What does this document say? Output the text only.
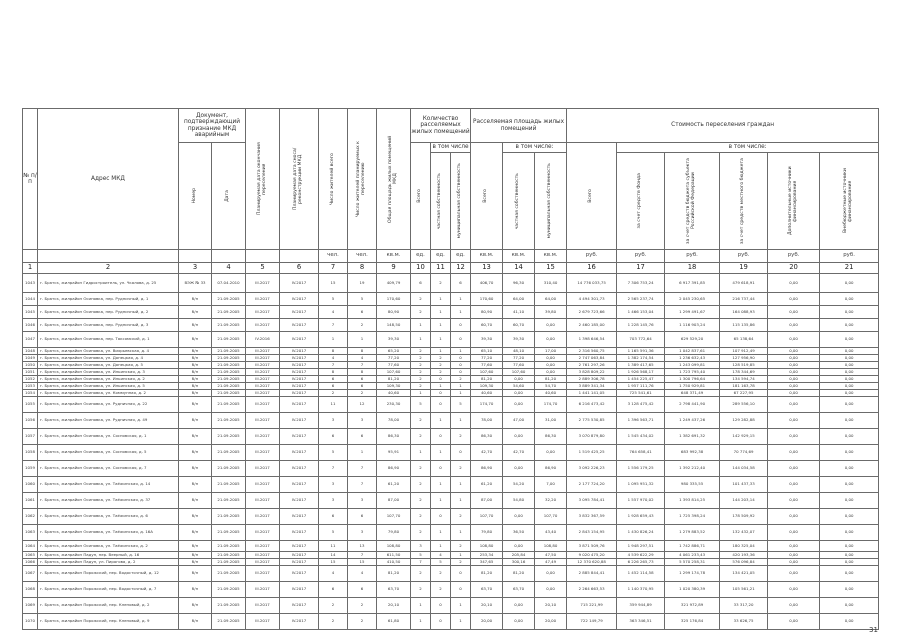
№ п/п	Адрес МКД	Документ, подтверждающий признание МКД аварийным		Планируемая дата окончания переселения	Планируемая дата сноса/реконструкции МКД	Число жителей всего	Число жителей планируемых к переселению	Общая площадь жилых помещений МКД	Количество расселяемых жилых помещений			Расселяемая площадь жилых помещений			Стоимость переселения граждан					

		Номер	Дата						Всего	в том числе		Всего	в том числе:		Всего	в том числе:				

										частная собственность	муниципальная собственность		частная собственность	муниципальная собственность		за счет средств Фонда	за счет средств бюджета субъекта Российской Федерации	за счет средств местного бюджета	Дополнительные источники финансирования	Внебюджетные источники финансирования

						чел.	чел.	кв.м.	ед.	ед.	ед.	кв.м.	кв.м.	кв.м.	руб.	руб.	руб.	руб.	руб.	руб.
1	2	3	4	5	6	7	8	9	10	11	12	13	14	15	16	17	18	19	20	21
1043	г. Братск, жилрайон Гидростроитель, ул. Чкалова, д. 25	ВЭЖ № 33	07.04.2010	III.2017	IV.2017	15	19	409,79	6	2	6	406,70	96,30	310,40	14 776 033,75	7 306 753,24	6 917 391,85	479 618,91	0,00	0,00
1044	г. Братск, жилрайон Осиновка, пер. Рудничный, д. 1	б/н	21.09.2005	III.2017	IV.2017	5	5	170,60	2	1	1	170,60	64,00	64,00	4 494 301,73	2 565 237,74	2 045 230,65	216 737,44	0,00	0,00
1045	г. Братск, жилрайон Осиновка, пер. Рудничный, д. 2	б/н	21.09.2005	III.2017	IV.2017	4	6	80,90	2	1	1	80,90	41,10	39,80	2 679 723,66	1 466 153,04	1 299 491,67	164 088,93	0,00	0,00
1046	г. Братск, жилрайон Осиновка, пер. Рудничный, д. 3	б/н	21.09.2005	III.2017	IV.2017	7	2	148,50	1	1	0	60,70	60,70	0,00	2 460 185,00	1 228 145,76	1 116 903,24	115 135,86	0,00	0,00
1047	г. Братск, жилрайон Осиновка, пер. Таксомский, д. 1	б/н	21.09.2005	IV.2016	IV.2017	1	1	39,30	1	1	0	39,30	39,30	0,00	1 398 646,54	703 772,64	629 529,20	65 138,64	0,00	0,00
1048	г. Братск, жилрайон Осиновка, ул. Вихрьевская, д. 4	б/н	21.09.2005	III.2017	IV.2017	8	8	65,20	2	1	1	65,10	48,10	17,00	2 316 560,75	1 165 591,36	1 042 837,61	107 912,49	0,00	0,00
1049	г. Братск, жилрайон Осиновка, ул. Донецкая, д. 4	б/н	21.09.2005	III.2017	IV.2017	4	4	77,20	2	2	0	77,20	77,20	0,00	2 747 063,84	1 382 174,54	1 236 632,43	127 956,90	0,00	0,00
1050	г. Братск, жилрайон Осиновка, ул. Донецкая, д. 5	б/н	21.09.2005	III.2017	IV.2017	7	7	77,60	2	2	0	77,60	77,60	0,00	2 761 297,26	1 389 417,65	1 243 099,81	128 519,85	0,00	0,00
1051	г. Братск, жилрайон Осиновка, ул. Ильинская, д. 3	б/н	21.09.2005	III.2017	IV.2017	8	8	107,60	2	2	0	107,60	107,60	0,00	3 828 809,22	1 926 568,17	1 723 795,40	178 344,69	0,00	0,00
1052	г. Братск, жилрайон Осиновка, ул. Ильинская, д. 2	б/н	21.09.2005	III.2017	IV.2017	6	6	81,20	2	0	2	81,20	0,00	81,20	2 889 306,78	1 454 225,47	1 300 796,64	134 594,74	0,00	0,00
1053	г. Братск, жилрайон Осиновка, ул. Ильинская, д. 5	б/н	21.09.2005	III.2017	IV.2017	6	6	109,30	2	1	1	109,30	54,60	54,70	3 889 341,34	1 957 111,76	1 750 929,81	181 163,78	0,00	0,00
1054	г. Братск, жилрайон Осиновка, ул. Коммунная, д. 2	б/н	21.09.2005	III.2017	IV.2017	2	2	40,60	1	0	1	40,60	0,00	40,60	1 441 141,05	725 541,61	648 371,49	67 227,95	0,00	0,00
1055	г. Братск, жилрайон Осиновка, ул. Рудничная, д. 22	б/н	21.09.2005	III.2017	IV.2017	11	12	230,30	5	0	5	174,70	0,00	174,70	6 216 473,42	3 128 475,42	2 798 441,90	289 556,10	0,00	0,00
1056	г. Братск, жилрайон Осиновка, ул. Рудничная, д. 49	б/н	21.09.2005	III.2017	IV.2017	3	3	78,00	2	1	1	78,00	47,00	31,00	2 775 530,85	1 396 563,71	1 249 437,26	129 282,88	0,00	0,00
1057	г. Братск, жилрайон Осиновка, ул. Сосновская, д. 1	б/н	21.09.2005	III.2017	IV.2017	6	6	86,30	2	0	2	86,30	0,00	86,30	3 070 879,80	1 545 434,02	1 382 691,32	142 929,15	0,00	0,00
1058	г. Братск, жилрайон Осиновка, ул. Сосновская, д. 5	б/н	21.09.2005	III.2017	IV.2017	5	1	95,91	1	1	0	42,70	42,70	0,00	1 519 425,25	764 658,41	683 992,38	70 774,69	0,00	0,00
1059	г. Братск, жилрайон Осиновка, ул. Сосновская, д. 7	б/н	21.09.2005	III.2017	IV.2017	7	7	86,90	2	0	2	86,90	0,00	86,90	3 092 226,23	1 556 179,25	1 392 212,40	144 034,58	0,00	0,00
1060	г. Братск, жилрайон Осиновка, ул. Таёжинская, д. 14	б/н	21.09.2005	III.2017	IV.2017	3	7	61,20	2	1	1	61,20	54,20	7,00	2 177 724,20	1 095 951,32	980 335,55	101 437,33	0,00	0,00
1061	г. Братск, жилрайон Осиновка, ул. Таёжинская, д. 37	б/н	21.09.2005	III.2017	IV.2017	3	3	87,00	2	1	1	87,00	54,80	32,20	3 095 784,41	1 557 970,02	1 393 814,25	144 203,14	0,00	0,00
1062	г. Братск, жилрайон Осиновка, ул. Таёжинская, д. 6	б/н	21.09.2005	III.2017	IV.2017	6	6	107,70	2	0	2	107,70	0,00	107,70	3 832 367,59	1 928 659,43	1 725 398,24	178 509,92	0,00	0,00
1063	г. Братск, жилрайон Осиновка, ул. Таёжинская, д. 16А	б/н	21.09.2005	III.2017	IV.2017	5	3	79,80	2	1	1	79,80	36,50	43,40	2 843 154,95	1 430 826,24	1 279 883,52	132 432,07	0,00	0,00
1064	г. Братск, жилрайон Осиновка, ул. Таёжинская, д. 2	б/н	21.09.2005	III.2017	IV.2017	11	13	108,80	3	1	2	108,80	0,00	108,80	3 871 509,76	1 948 297,51	1 742 886,71	180 325,04	0,00	0,00
1065	г. Братск, жилрайон Падун, пер. Веерный, д. 16	б/н	21.09.2005	III.2017	IV.2017	14	7	611,50	5	4	1	253,34	205,84	47,50	9 020 475,20	4 539 622,29	4 061 233,43	420 193,36	0,00	0,00
1066	г. Братск, жилрайон Падун, ул. Пирогова, д. 2	б/н	21.09.2005	III.2017	IV.2017	15	15	410,50	7	5	2	347,65	300,16	47,49	12 370 620,88	6 226 265,73	5 570 258,31	576 096,84	0,00	0,00
1067	г. Братск, жилрайон Порожский, пер. Водосточный, д. 12	б/н	21.09.2005	III.2017	IV.2017	4	4	81,20	2	2	0	81,20	81,20	0,00	2 885 844,41	1 452 114,58	1 299 174,78	134 421,05	0,00	0,00
1068	г. Братск, жилрайон Порожский, пер. Водосточный, д. 7	б/н	21.09.2005	III.2017	IV.2017	6	6	63,70	2	2	0	63,70	63,70	0,00	2 264 663,53	1 140 370,95	1 020 380,39	105 561,21	0,00	0,00
1069	г. Братск, жилрайон Порожский, пер. Кленовый, д. 2	б/н	21.09.2005	III.2017	IV.2017	2	2	20,10	1	0	1	20,10	0,00	20,10	715 221,99	359 944,89	321 972,89	33 317,20	0,00	0,00
1070	г. Братск, жилрайон Порожский, пер. Кленовый, д. 9	б/н	21.09.2005	III.2017	IV.2017	2	2	61,80	1	0	1	20,00	0,00	20,00	722 149,79	363 346,51	325 176,84	33 626,75	0,00	0,00
31
